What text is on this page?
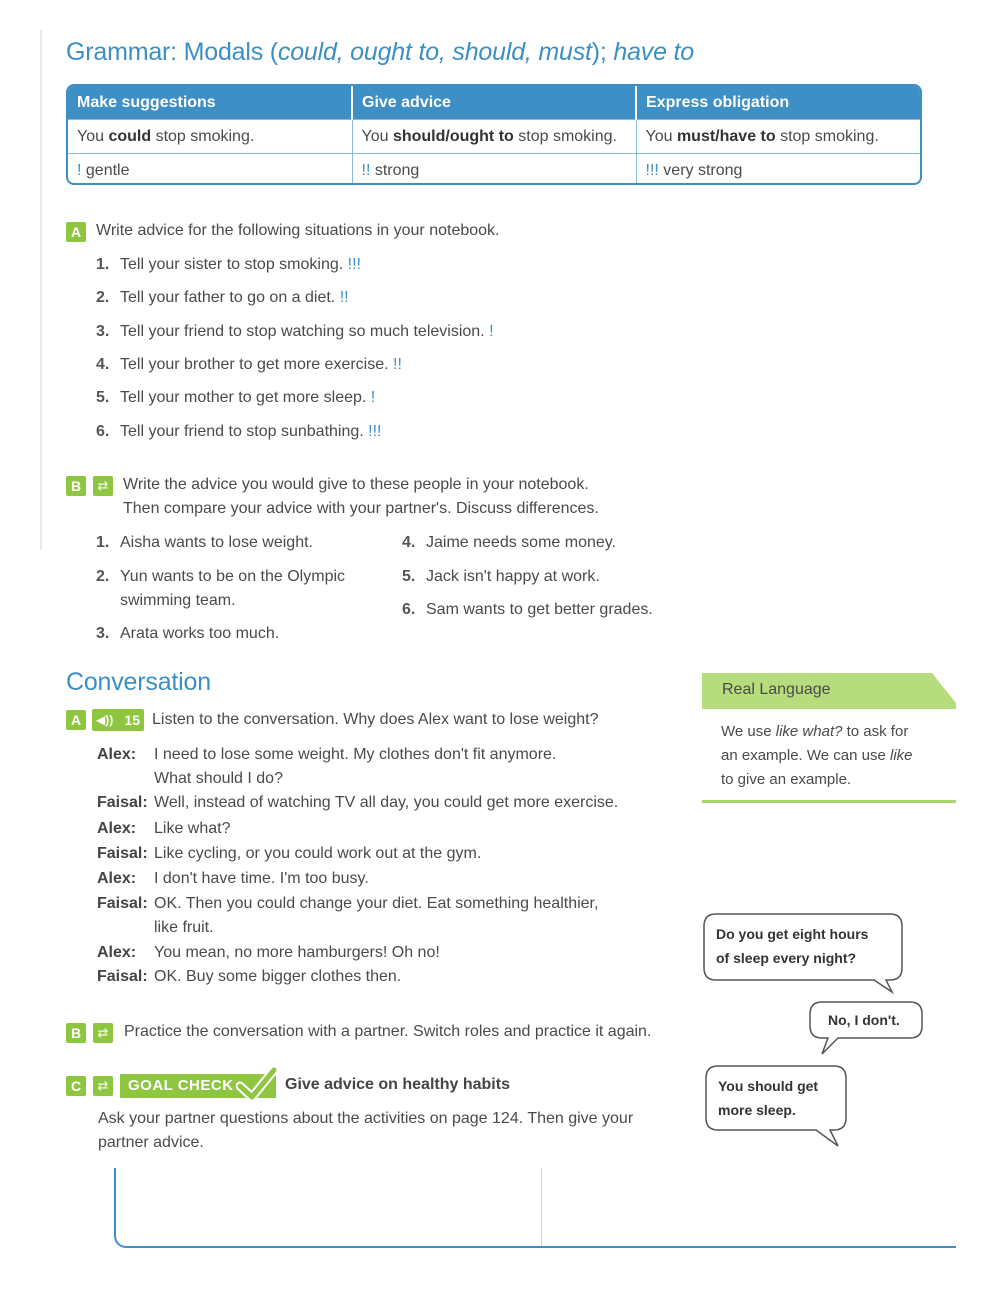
Grammar: Modals (could, ought to, should, must); have to
Make suggestions	Give advice	Express obligation
You could stop smoking.	You should/ought to stop smoking.	You must/have to stop smoking.
! gentle	!! strong	!!! very strong
A Write advice for the following situations in your notebook.
1. Tell your sister to stop smoking. !!!
2. Tell your father to go on a diet. !!
3. Tell your friend to stop watching so much television. !
4. Tell your brother to get more exercise. !!
5. Tell your mother to get more sleep. !
6. Tell your friend to stop sunbathing. !!!
B	⇄ Write the advice you would give to these people in your notebook.
Then compare your advice with your partner's. Discuss differences.
1. Aisha wants to lose weight.
2. Yun wants to be on the Olympic
swimming team.
3. Arata works too much.
4. Jaime needs some money.
5. Jack isn't happy at work.
6. Sam wants to get better grades.
Conversation
A	◀)) 15 Listen to the conversation. Why does Alex want to lose weight?
Alex: I need to lose some weight. My clothes don't fit anymore.
What should I do?
Faisal: Well, instead of watching TV all day, you could get more exercise.
Alex: Like what?
Faisal: Like cycling, or you could work out at the gym.
Alex: I don't have time. I'm too busy.
Faisal: OK. Then you could change your diet. Eat something healthier,
like fruit.
Alex: You mean, no more hamburgers! Oh no!
Faisal: OK. Buy some bigger clothes then.
B	⇄ Practice the conversation with a partner. Switch roles and practice it again.
C	⇄	GOAL CHECK	Give advice on healthy habits
Ask your partner questions about the activities on page 124. Then give your
partner advice.
Real Language
We use like what? to ask for
an example. We can use like
to give an example.
Do you get eight hours
of sleep every night?
No, I don't.
You should get
more sleep.
